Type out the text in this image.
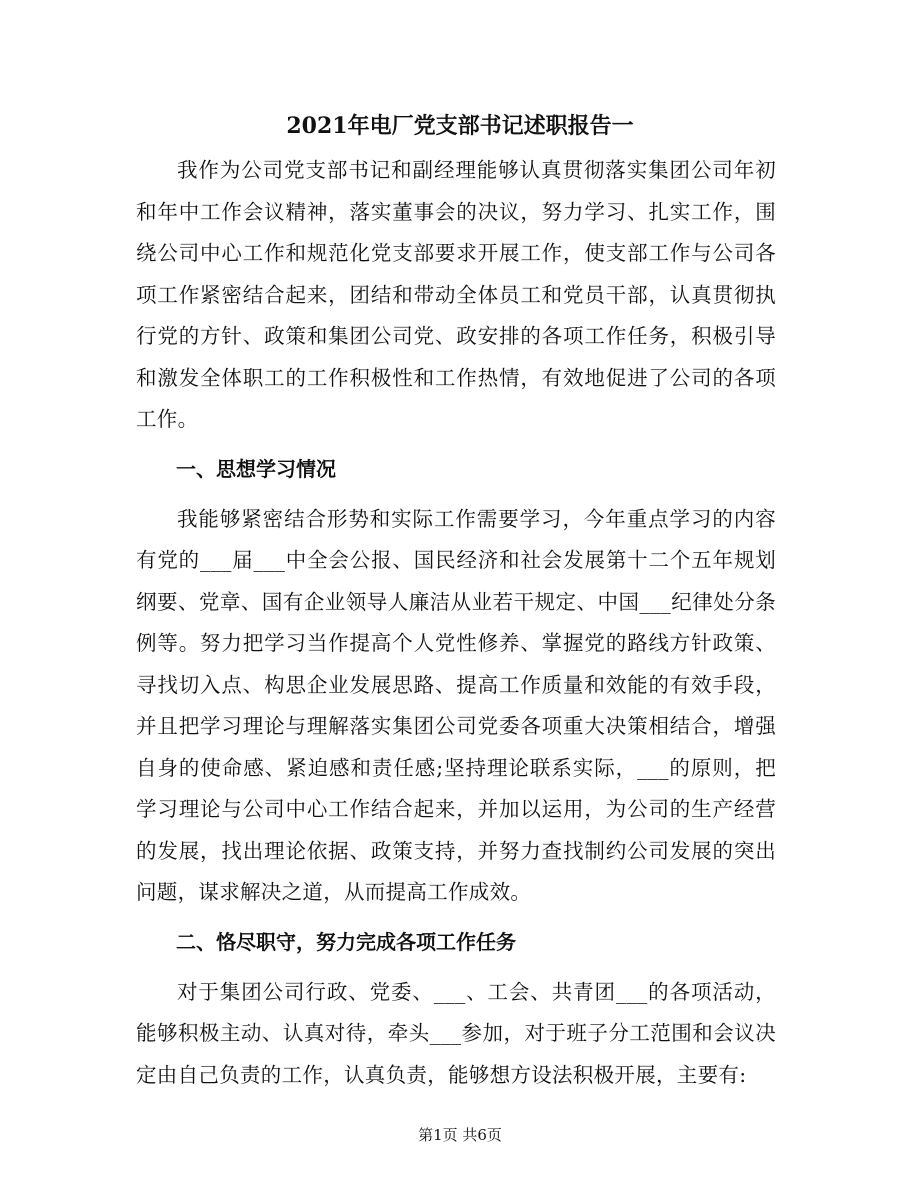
2021年电厂党支部书记述职报告一

我作为公司党支部书记和副经理能够认真贯彻落实集团公司年初和年中工作会议精神，落实董事会的决议，努力学习、扎实工作，围绕公司中心工作和规范化党支部要求开展工作，使支部工作与公司各项工作紧密结合起来，团结和带动全体员工和党员干部，认真贯彻执行党的方针、政策和集团公司党、政安排的各项工作任务，积极引导和激发全体职工的工作积极性和工作热情，有效地促进了公司的各项工作。

一、思想学习情况

我能够紧密结合形势和实际工作需要学习，今年重点学习的内容有党的___届___中全会公报、国民经济和社会发展第十二个五年规划纲要、党章、国有企业领导人廉洁从业若干规定、中国___纪律处分条例等。努力把学习当作提高个人党性修养、掌握党的路线方针政策、寻找切入点、构思企业发展思路、提高工作质量和效能的有效手段，并且把学习理论与理解落实集团公司党委各项重大决策相结合，增强自身的使命感、紧迫感和责任感;坚持理论联系实际，___的原则，把学习理论与公司中心工作结合起来，并加以运用，为公司的生产经营的发展，找出理论依据、政策支持，并努力查找制约公司发展的突出问题，谋求解决之道，从而提高工作成效。

二、恪尽职守，努力完成各项工作任务

对于集团公司行政、党委、___、工会、共青团___的各项活动，能够积极主动、认真对待，牵头___参加，对于班子分工范围和会议决定由自己负责的工作，认真负责，能够想方设法积极开展，主要有:

第1页 共6页
